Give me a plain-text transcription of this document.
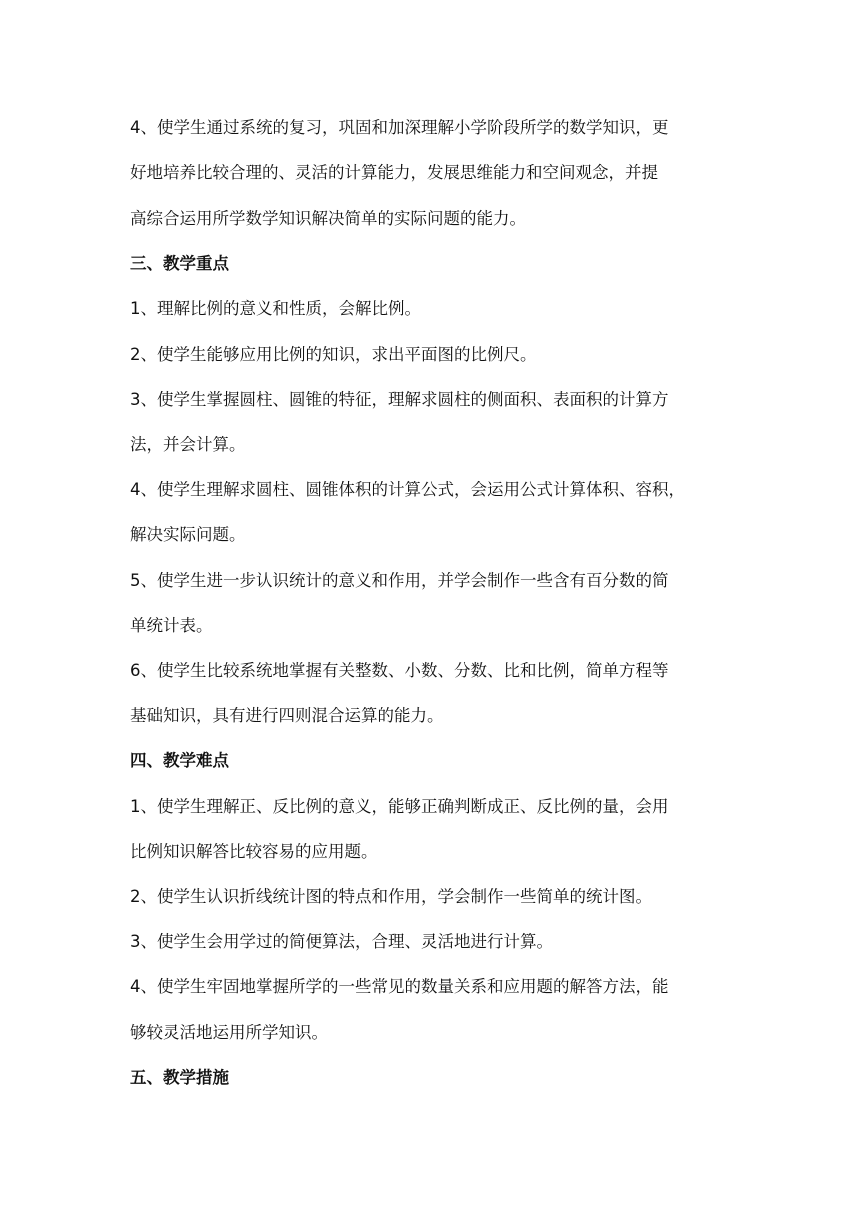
4、使学生通过系统的复习，巩固和加深理解小学阶段所学的数学知识，更
好地培养比较合理的、灵活的计算能力，发展思维能力和空间观念，并提
高综合运用所学数学知识解决简单的实际问题的能力。
三、教学重点
1、理解比例的意义和性质，会解比例。
2、使学生能够应用比例的知识，求出平面图的比例尺。
3、使学生掌握圆柱、圆锥的特征，理解求圆柱的侧面积、表面积的计算方
法，并会计算。
4、使学生理解求圆柱、圆锥体积的计算公式，会运用公式计算体积、容积，
解决实际问题。
5、使学生进一步认识统计的意义和作用，并学会制作一些含有百分数的简
单统计表。
6、使学生比较系统地掌握有关整数、小数、分数、比和比例，简单方程等
基础知识，具有进行四则混合运算的能力。
四、教学难点
1、使学生理解正、反比例的意义，能够正确判断成正、反比例的量，会用
比例知识解答比较容易的应用题。
2、使学生认识折线统计图的特点和作用，学会制作一些简单的统计图。
3、使学生会用学过的简便算法，合理、灵活地进行计算。
4、使学生牢固地掌握所学的一些常见的数量关系和应用题的解答方法，能
够较灵活地运用所学知识。
五、教学措施
